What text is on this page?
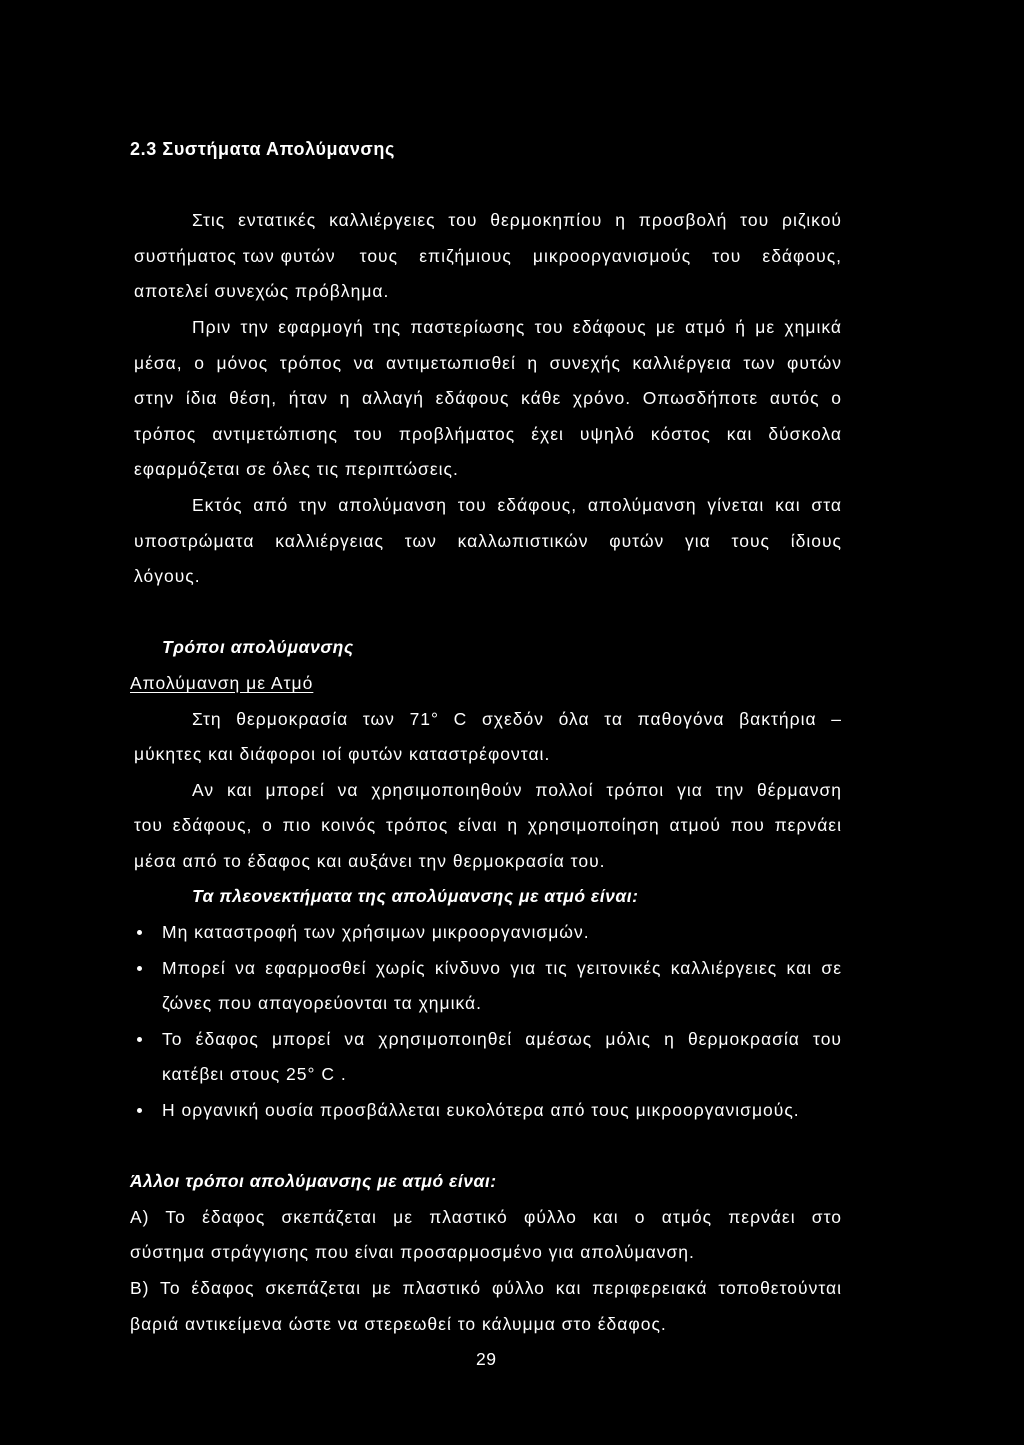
2.3 Συστήματα Απολύμανσης
Στις εντατικές καλλιέργειες του θερμοκηπίου η προσβολή του ριζικού
συστήματος των φυτών τους επιζήμιους μικροοργανισμούς του εδάφους,
αποτελεί συνεχώς πρόβλημα.
Πριν την εφαρμογή της παστερίωσης του εδάφους με ατμό ή με χημικά
μέσα, ο μόνος τρόπος να αντιμετωπισθεί η συνεχής καλλιέργεια των φυτών
στην ίδια θέση, ήταν η αλλαγή εδάφους κάθε χρόνο. Οπωσδήποτε αυτός ο
τρόπος αντιμετώπισης του προβλήματος έχει υψηλό κόστος και δύσκολα
εφαρμόζεται σε όλες τις περιπτώσεις.
Εκτός από την απολύμανση του εδάφους, απολύμανση γίνεται και στα
υποστρώματα καλλιέργειας των καλλωπιστικών φυτών για τους ίδιους
λόγους.
Τρόποι απολύμανσης
Απολύμανση με Ατμό
Στη θερμοκρασία των 71° C σχεδόν όλα τα παθογόνα βακτήρια –
μύκητες και διάφοροι ιοί φυτών καταστρέφονται.
Αν και μπορεί να χρησιμοποιηθούν πολλοί τρόποι για την θέρμανση
του εδάφους, ο πιο κοινός τρόπος είναι η χρησιμοποίηση ατμού που περνάει
μέσα από το έδαφος και αυξάνει την θερμοκρασία του.
Τα πλεονεκτήματα της απολύμανσης με ατμό είναι:
Μη καταστροφή των χρήσιμων μικροοργανισμών.
Μπορεί να εφαρμοσθεί χωρίς κίνδυνο για τις γειτονικές καλλιέργειες και σε
ζώνες που απαγορεύονται τα χημικά.
Το έδαφος μπορεί να χρησιμοποιηθεί αμέσως μόλις η θερμοκρασία του
κατέβει στους 25° C .
Η οργανική ουσία προσβάλλεται ευκολότερα από τους μικροοργανισμούς.
Άλλοι τρόποι απολύμανσης με ατμό είναι:
Α) Το έδαφος σκεπάζεται με πλαστικό φύλλο και ο ατμός περνάει στο
σύστημα στράγγισης που είναι προσαρμοσμένο για απολύμανση.
Β) Το έδαφος σκεπάζεται με πλαστικό φύλλο και περιφερειακά τοποθετούνται
βαριά αντικείμενα ώστε να στερεωθεί το κάλυμμα στο έδαφος.
29
